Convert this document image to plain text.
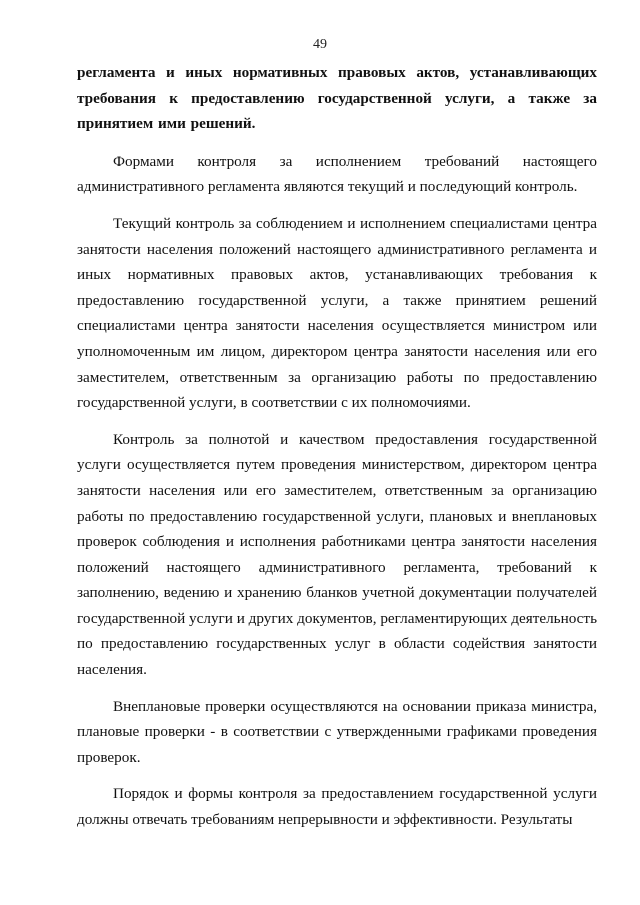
49

регламента и иных нормативных правовых актов, устанавливающих требования к предоставлению государственной услуги, а также за принятием ими решений.

Формами контроля за исполнением требований настоящего административного регламента являются текущий и последующий контроль.

Текущий контроль за соблюдением и исполнением специалистами центра занятости населения положений настоящего административного регламента и иных нормативных правовых актов, устанавливающих требования к предоставлению государственной услуги, а также принятием решений специалистами центра занятости населения осуществляется министром или уполномоченным им лицом, директором центра занятости населения или его заместителем, ответственным за организацию работы по предоставлению государственной услуги, в соответствии с их полномочиями.

Контроль за полнотой и качеством предоставления государственной услуги осуществляется путем проведения министерством, директором центра занятости населения или его заместителем, ответственным за организацию работы по предоставлению государственной услуги, плановых и внеплановых проверок соблюдения и исполнения работниками центра занятости населения положений настоящего административного регламента, требований к заполнению, ведению и хранению бланков учетной документации получателей государственной услуги и других документов, регламентирующих деятельность по предоставлению государственных услуг в области содействия занятости населения.

Внеплановые проверки осуществляются на основании приказа министра, плановые проверки - в соответствии с утвержденными графиками проведения проверок.

Порядок и формы контроля за предоставлением государственной услуги должны отвечать требованиям непрерывности и эффективности. Результаты
